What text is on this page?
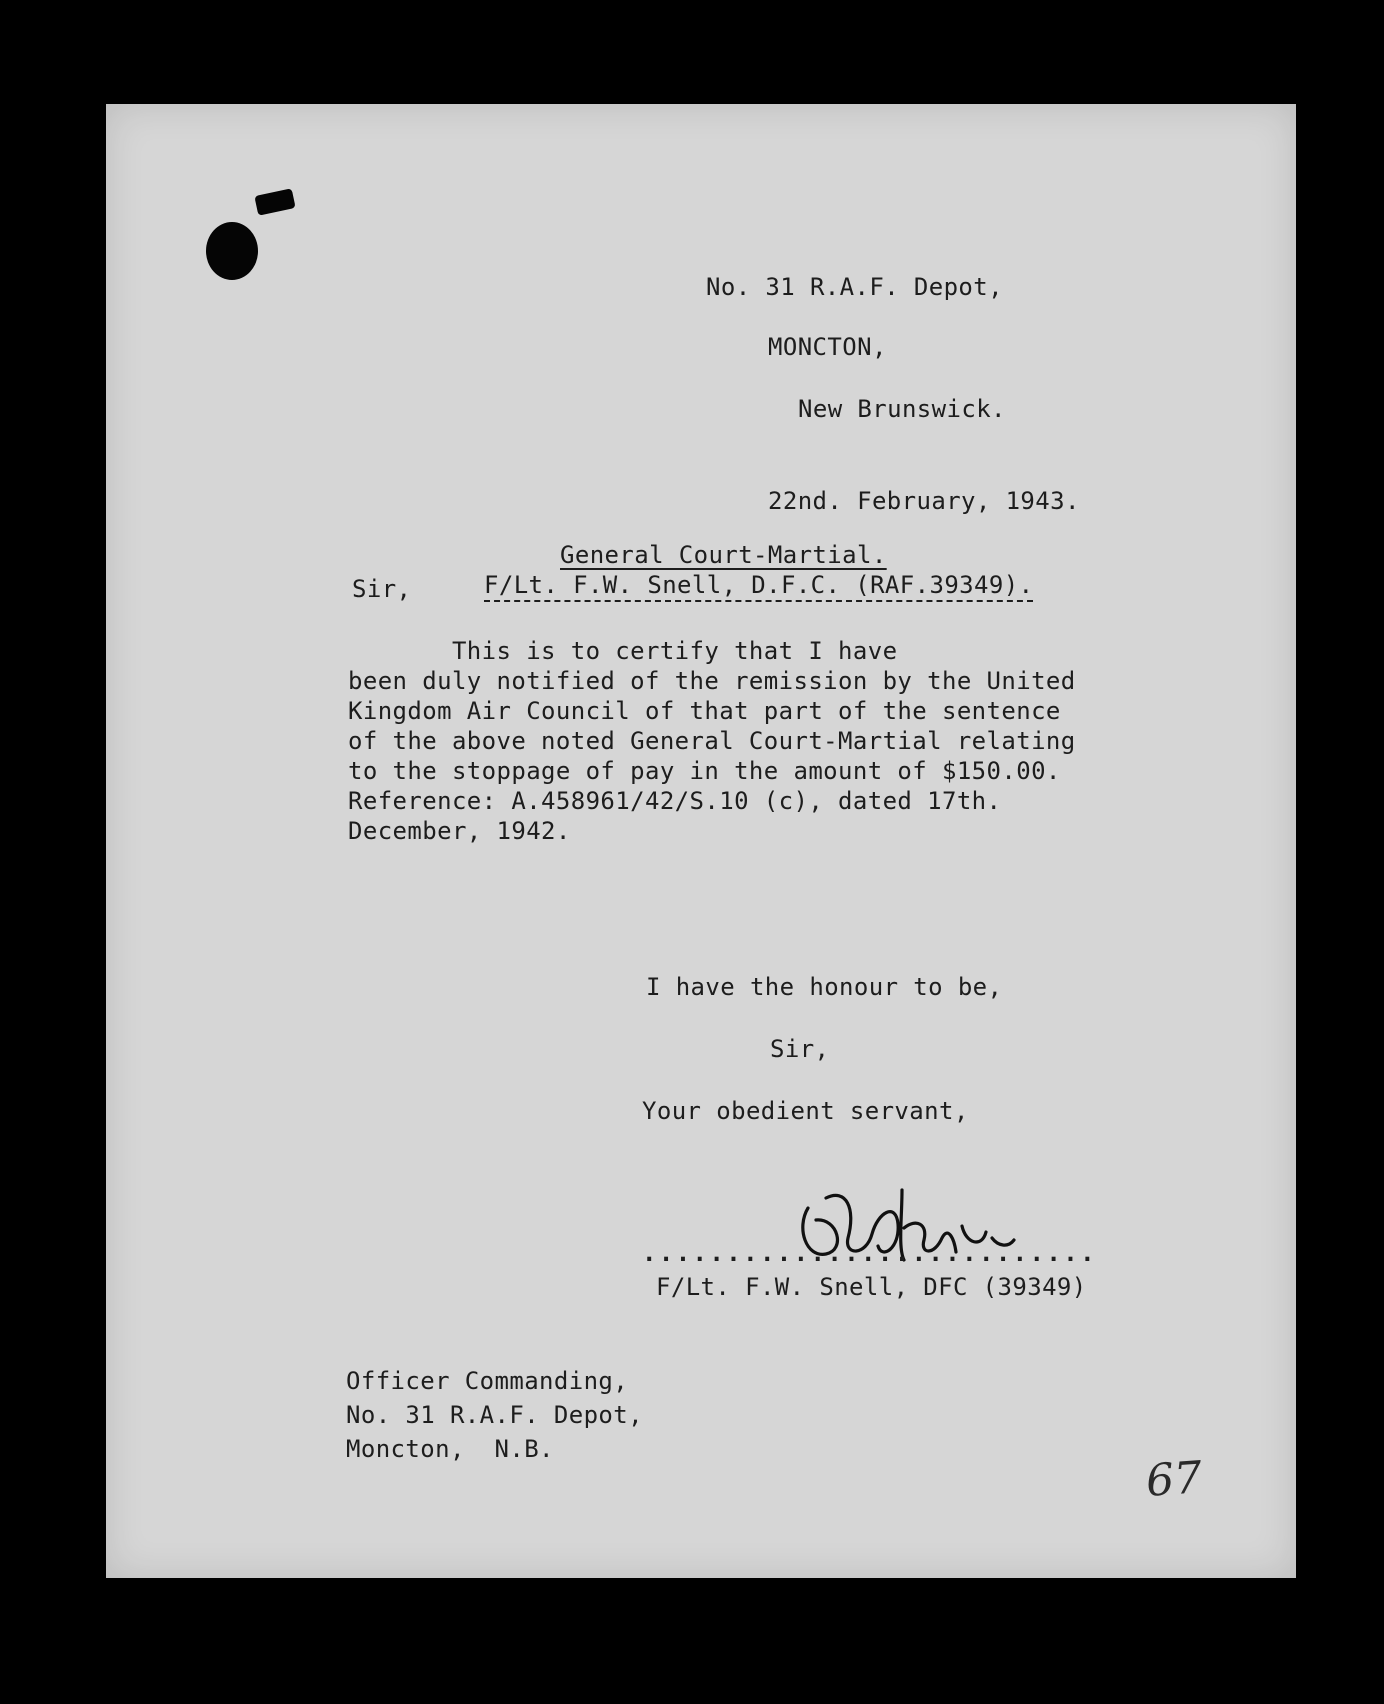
No. 31 R.A.F. Depot,
MONCTON,
New Brunswick.
22nd. February, 1943.
General Court-Martial.
Sir,	F/Lt. F.W. Snell, D.F.C. (RAF.39349).
This is to certify that I have
been duly notified of the remission by the United
Kingdom Air Council of that part of the sentence
of the above noted General Court-Martial relating
to the stoppage of pay in the amount of $150.00.
Reference: A.458961/42/S.10 (c), dated 17th.
December, 1942.
I have the honour to be,
Sir,
Your obedient servant,
...........................
F/Lt. F.W. Snell, DFC (39349)
Officer Commanding,
No. 31 R.A.F. Depot,
Moncton,  N.B.
67
